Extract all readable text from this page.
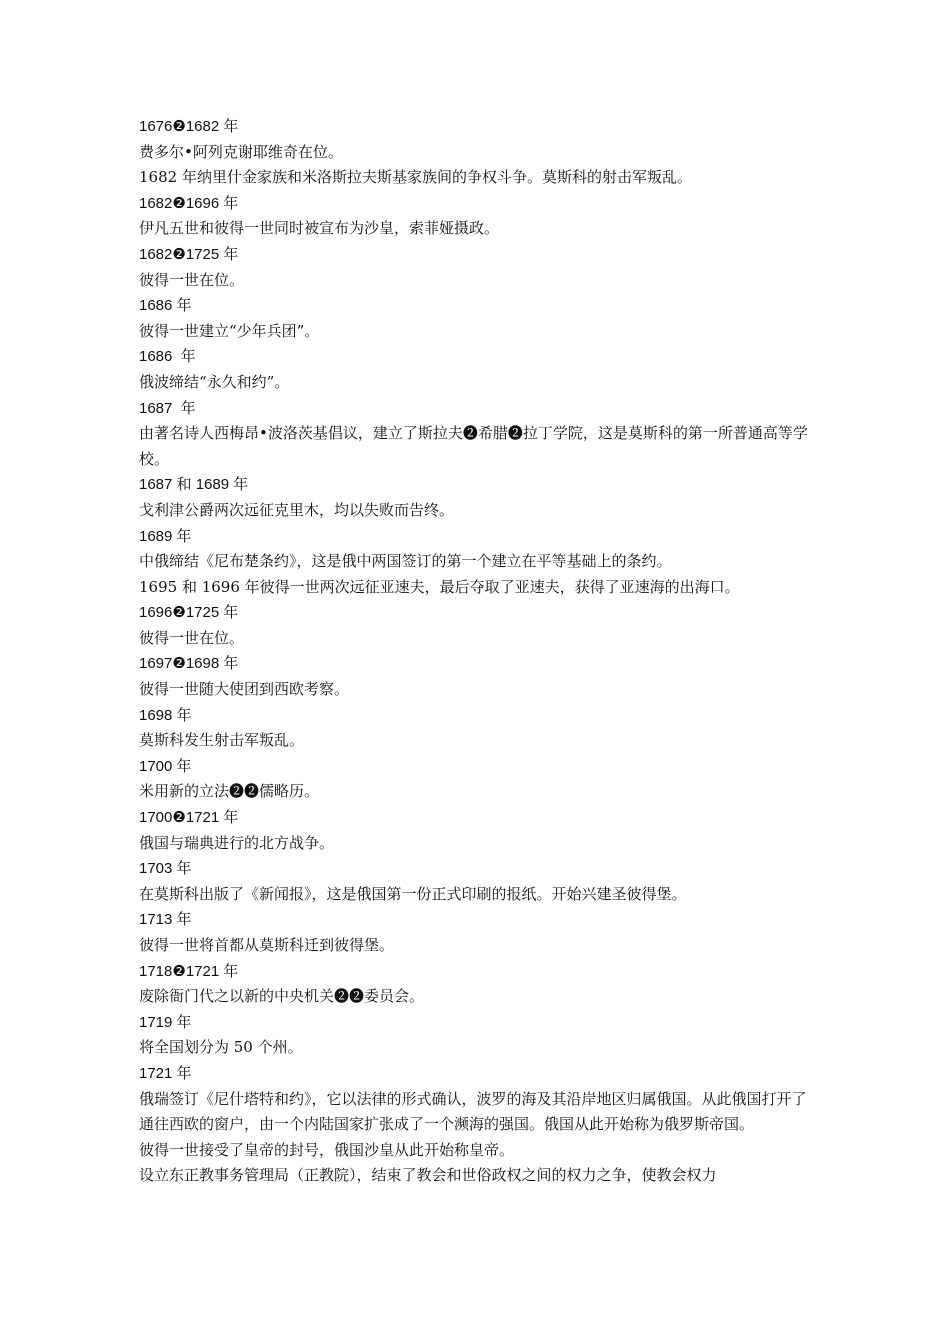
1676❷1682 年

费多尔•阿列克谢耶维奇在位。

1682 年纳里什金家族和米洛斯拉夫斯基家族间的争权斗争。莫斯科的射击军叛乱。

1682❷1696 年

伊凡五世和彼得一世同时被宣布为沙皇，索菲娅摄政。

1682❷1725 年

彼得一世在位。

1686 年

彼得一世建立“少年兵团”。

1686  年

俄波缔结“永久和约”。

1687  年

由著名诗人西梅昂•波洛茨基倡议，建立了斯拉夫❷希腊❷拉丁学院，这是莫斯科的第一所普通高等学校。

1687 和 1689 年

戈利津公爵两次远征克里木，均以失败而告终。

1689 年

中俄缔结《尼布楚条约》，这是俄中两国签订的第一个建立在平等基础上的条约。

1695 和 1696 年彼得一世两次远征亚速夫，最后夺取了亚速夫，获得了亚速海的出海口。

1696❷1725 年

彼得一世在位。

1697❷1698 年

彼得一世随大使团到西欧考察。

1698 年

莫斯科发生射击军叛乱。

1700 年

米用新的立法❷❷儒略历。

1700❷1721 年

俄国与瑞典进行的北方战争。

1703 年

在莫斯科出版了《新闻报》，这是俄国第一份正式印刷的报纸。开始兴建圣彼得堡。

1713 年

彼得一世将首都从莫斯科迁到彼得堡。

1718❷1721 年

废除衙门代之以新的中央机关❷❷委员会。

1719 年

将全国划分为 50 个州。

1721 年

俄瑞签订《尼什塔特和约》，它以法律的形式确认，波罗的海及其沿岸地区归属俄国。从此俄国打开了通往西欧的窗户，由一个内陆国家扩张成了一个濒海的强国。俄国从此开始称为俄罗斯帝国。

彼得一世接受了皇帝的封号，俄国沙皇从此开始称皇帝。

设立东正教事务管理局（正教院），结束了教会和世俗政权之间的权力之争，使教会权力
